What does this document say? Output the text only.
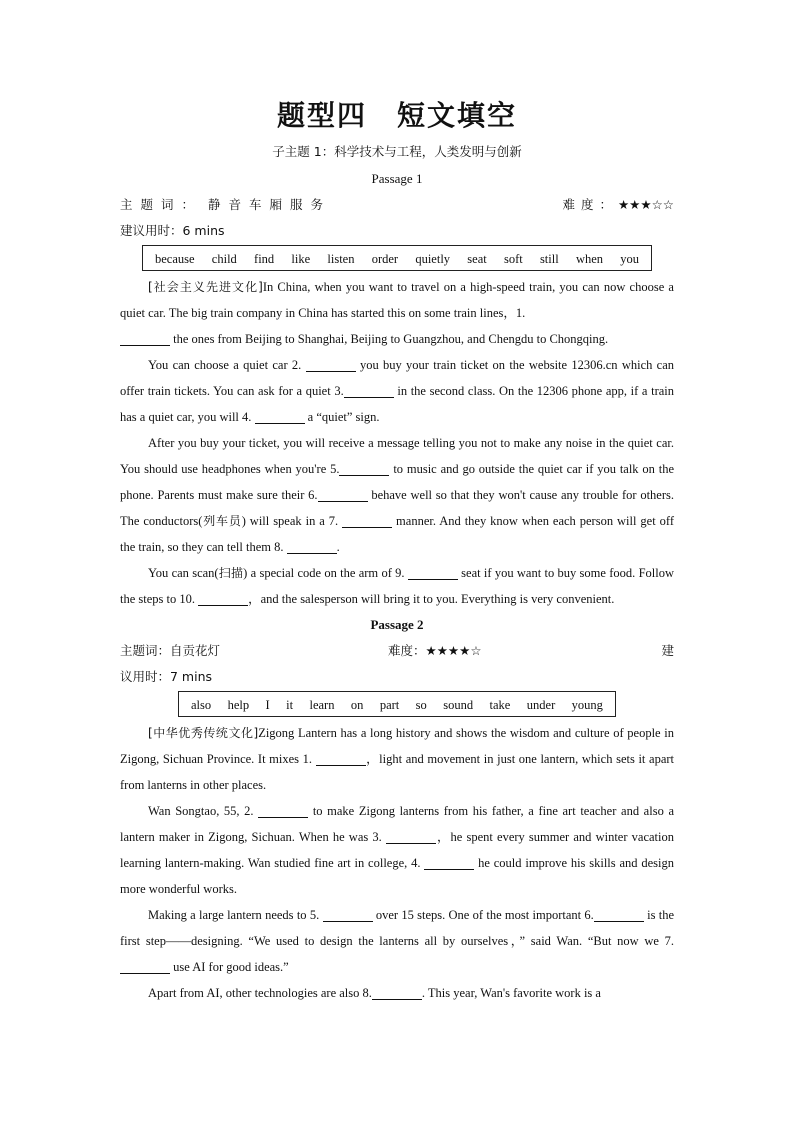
题型四　短文填空
子主题 1：科学技术与工程，人类发明与创新
Passage 1
主题词： 静音车厢服务	难度：★★★☆☆
建议用时：6 mins
because child find like listen order quietly seat soft still when you

[社会主义先进文化]In China, when you want to travel on a high-speed train, you can now choose a quiet car. The big train company in China has started this on some train lines，1.
the ones from Beijing to Shanghai, Beijing to Guangzhou, and Chengdu to Chongqing.

You can choose a quiet car 2.	you buy your train ticket on the website 12306.cn which can offer train tickets. You can ask for a quiet 3.	in the second class. On the 12306 phone app, if a train has a quiet car, you will 4.	a “quiet” sign.

After you buy your ticket, you will receive a message telling you not to make any noise in the quiet car. You should use headphones when you're 5.	to music and go outside the quiet car if you talk on the phone. Parents must make sure their 6.	behave well so that they won't cause any trouble for others. The conductors(列车员) will speak in a 7.	manner. And they know when each person will get off the train, so they can tell them 8.	.

You can scan(扫描) a special code on the arm of 9.	seat if you want to buy some food. Follow the steps to 10.	，and the salesperson will bring it to you. Everything is very convenient.

Passage 2
主题词：自贡花灯	难度：★★★★☆	建
议用时：7 mins
also help I it learn on part so sound take under young

[中华优秀传统文化]Zigong Lantern has a long history and shows the wisdom and culture of people in Zigong, Sichuan Province. It mixes 1.	，light and movement in just one lantern, which sets it apart from lanterns in other places.

Wan Songtao, 55, 2.	to make Zigong lanterns from his father, a fine art teacher and also a lantern maker in Zigong, Sichuan. When he was 3.	，he spent every summer and winter vacation learning lantern-making. Wan studied fine art in college, 4.	he could improve his skills and design more wonderful works.

Making a large lantern needs to 5.	over 15 steps. One of the most important 6.	is the first step——designing. “We used to design the lanterns all by ourselves，” said Wan. “But now we 7. use AI for good ideas.”

Apart from AI, other technologies are also 8.	. This year, Wan's favorite work is a
